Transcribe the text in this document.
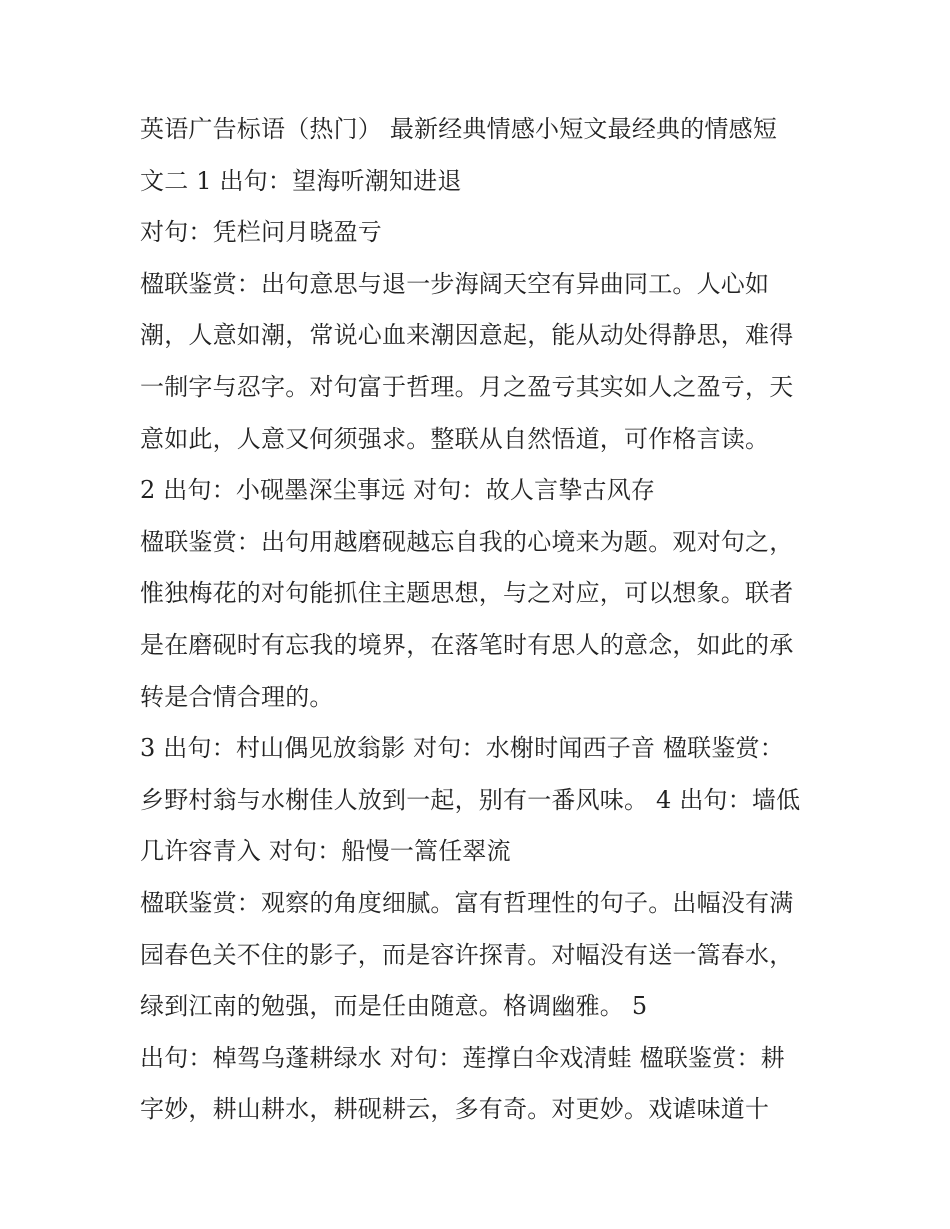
英语广告标语（热门） 最新经典情感小短文最经典的情感短
文二 1 出句：望海听潮知进退
对句：凭栏问月晓盈亏
楹联鉴赏：出句意思与退一步海阔天空有异曲同工。人心如
潮，人意如潮，常说心血来潮因意起，能从动处得静思，难得
一制字与忍字。对句富于哲理。月之盈亏其实如人之盈亏，天
意如此，人意又何须强求。整联从自然悟道，可作格言读。
2 出句：小砚墨深尘事远 对句：故人言挚古风存
楹联鉴赏：出句用越磨砚越忘自我的心境来为题。观对句之，
惟独梅花的对句能抓住主题思想，与之对应，可以想象。联者
是在磨砚时有忘我的境界，在落笔时有思人的意念，如此的承
转是合情合理的。
3 出句：村山偶见放翁影 对句：水榭时闻西子音 楹联鉴赏：
乡野村翁与水榭佳人放到一起，别有一番风味。 4 出句：墙低
几许容青入 对句：船慢一篙任翠流
楹联鉴赏：观察的角度细腻。富有哲理性的句子。出幅没有满
园春色关不住的影子，而是容许探青。对幅没有送一篙春水，
绿到江南的勉强，而是任由随意。格调幽雅。 5
出句：棹驾乌蓬耕绿水 对句：莲撑白伞戏清蛙 楹联鉴赏：耕
字妙，耕山耕水，耕砚耕云，多有奇。对更妙。戏谑味道十
